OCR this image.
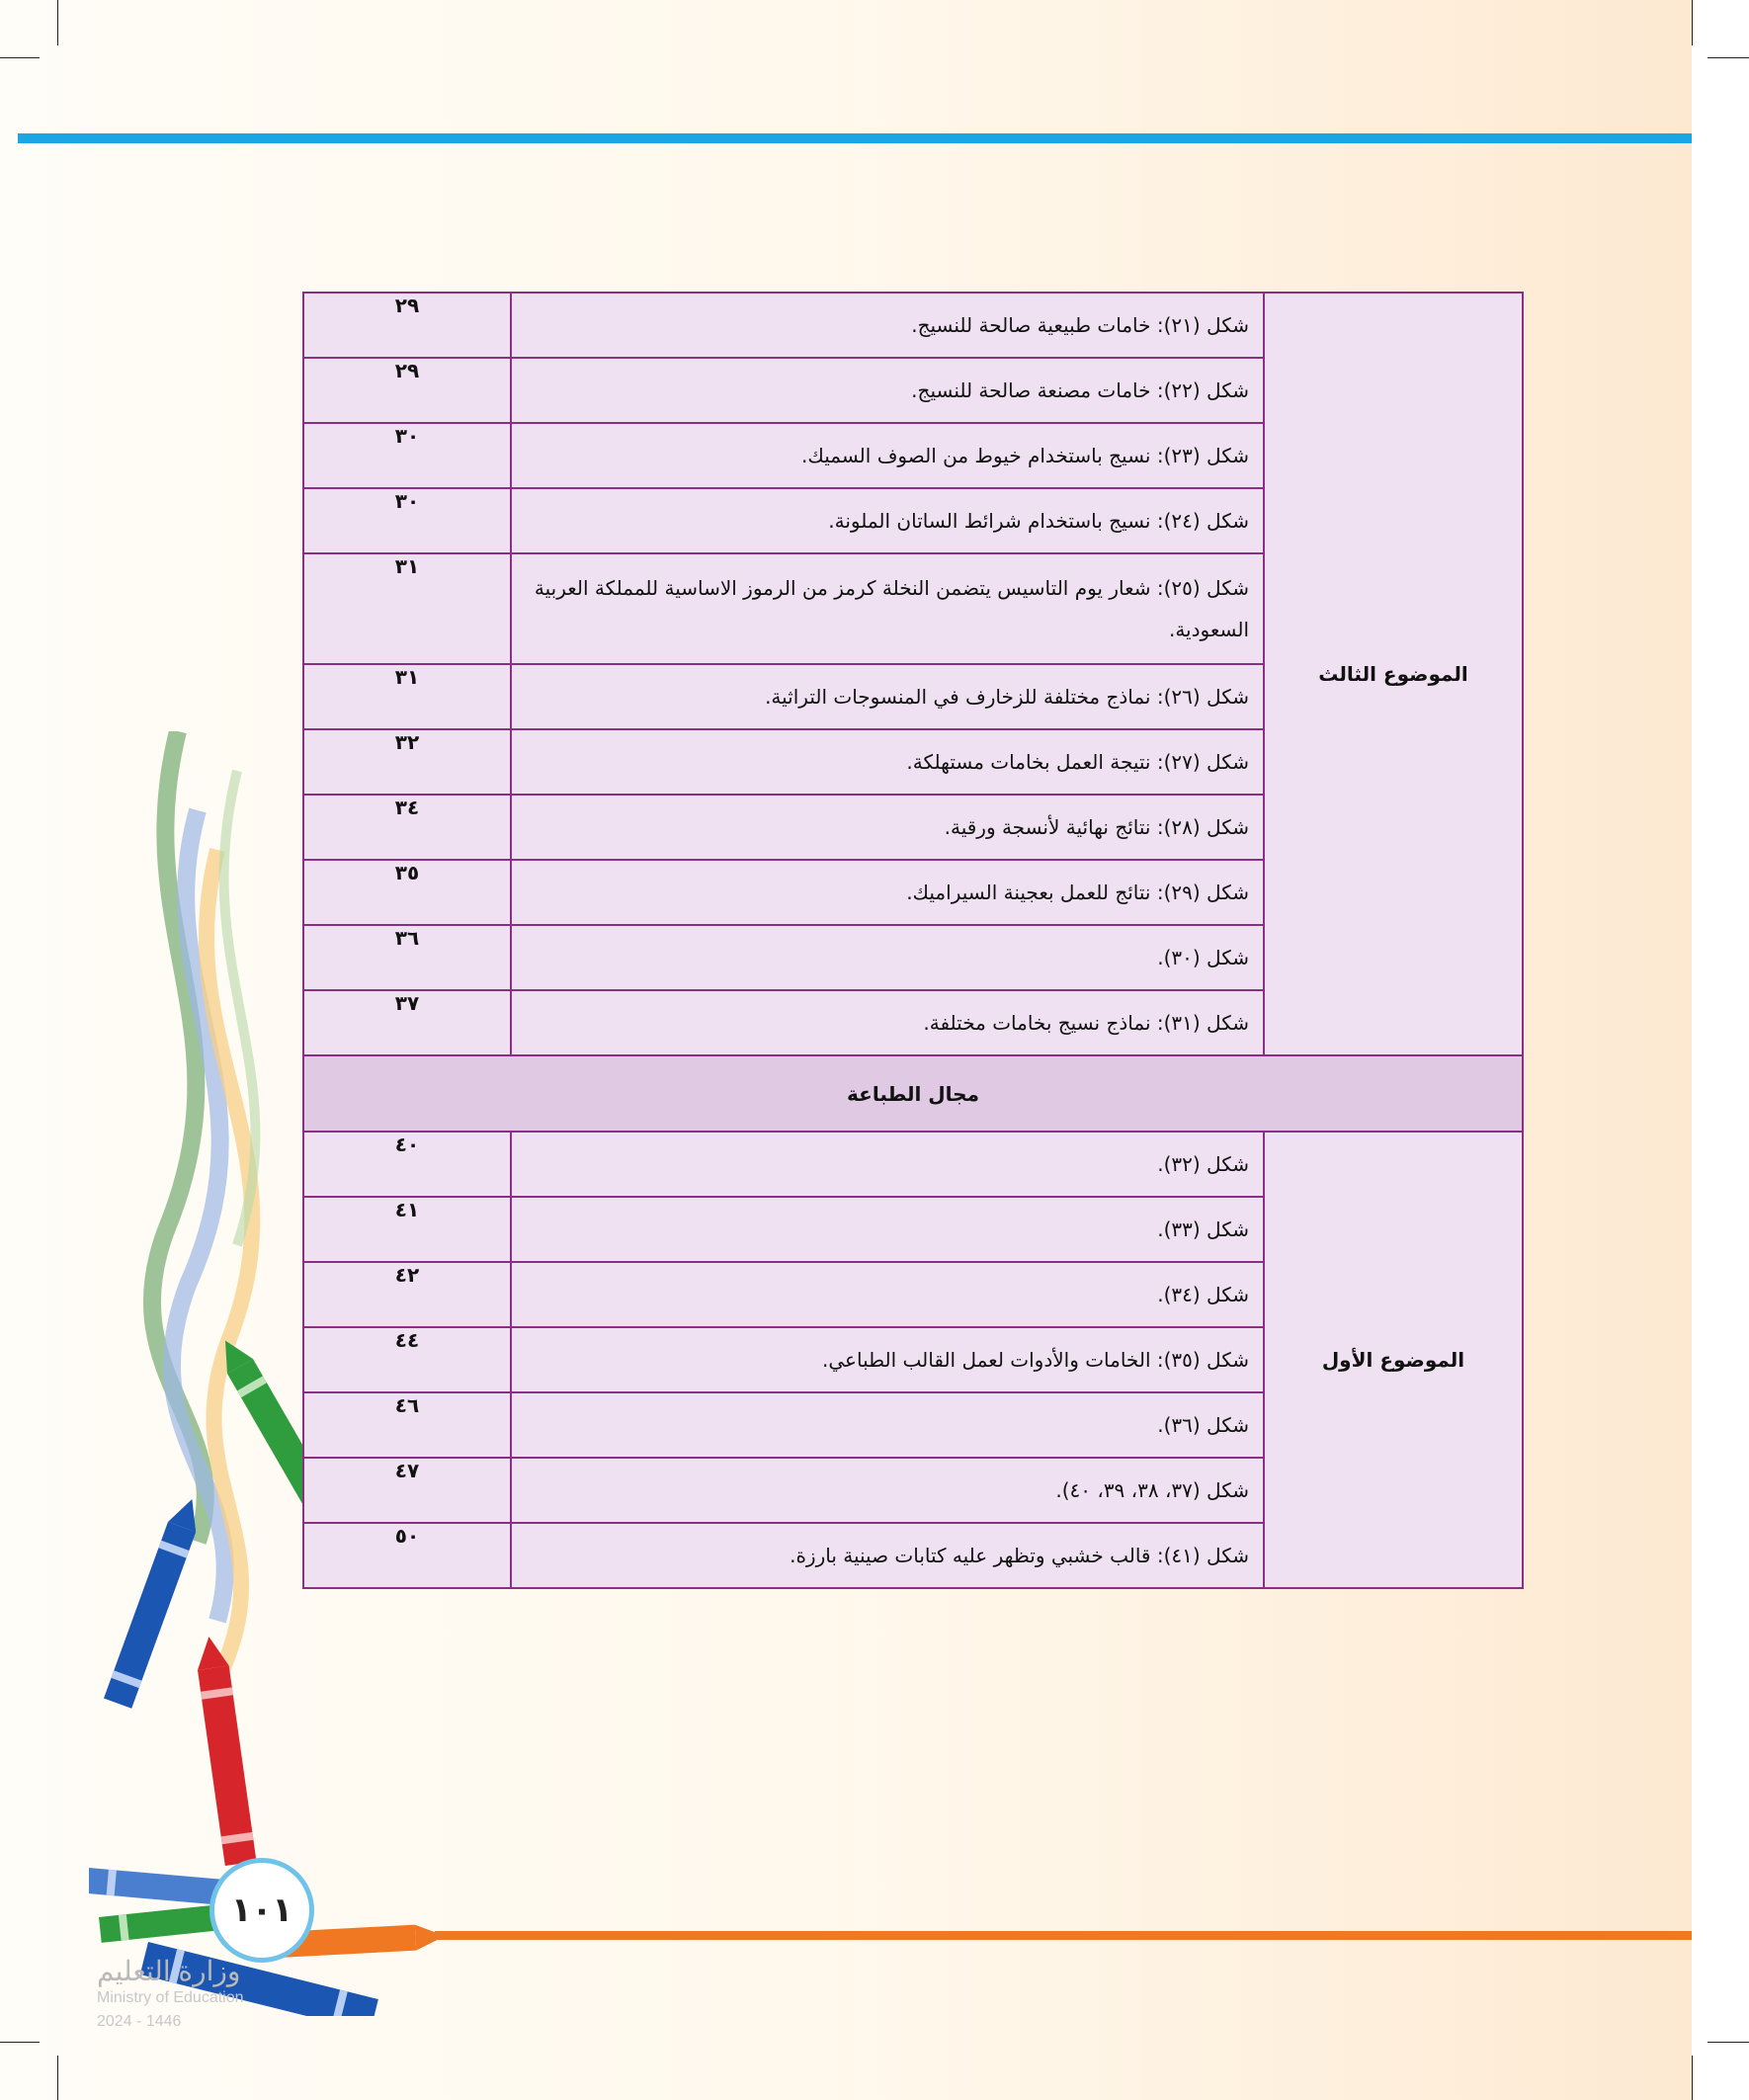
الموضوع الثالث	شكل (٢١): خامات طبيعية صالحة للنسيج.	٢٩
	شكل (٢٢): خامات مصنعة صالحة للنسيج.	٢٩
	شكل (٢٣): نسيج باستخدام خيوط من الصوف السميك.	٣٠
	شكل (٢٤): نسيج باستخدام شرائط الساتان الملونة.	٣٠
	شكل (٢٥): شعار يوم التاسيس يتضمن النخلة كرمز من الرموز الاساسية للمملكة العربية السعودية.	٣١
	شكل (٢٦): نماذج مختلفة للزخارف في المنسوجات التراثية.	٣١
	شكل (٢٧): نتيجة العمل بخامات مستهلكة.	٣٢
	شكل (٢٨): نتائج نهائية لأنسجة ورقية.	٣٤
	شكل (٢٩): نتائج للعمل بعجينة السيراميك.	٣٥
	شكل (٣٠).	٣٦
	شكل (٣١): نماذج نسيج بخامات مختلفة.	٣٧
مجال الطباعة		
الموضوع الأول	شكل (٣٢).	٤٠
	شكل (٣٣).	٤١
	شكل (٣٤).	٤٢
	شكل (٣٥): الخامات والأدوات لعمل القالب الطباعي.	٤٤
	شكل (٣٦).	٤٦
	شكل (٣٧، ٣٨، ٣٩، ٤٠).	٤٧
	شكل (٤١): قالب خشبي وتظهر عليه كتابات صينية بارزة.	٥٠
١٠١
وزارة التعليم
Ministry of Education
2024 - 1446
